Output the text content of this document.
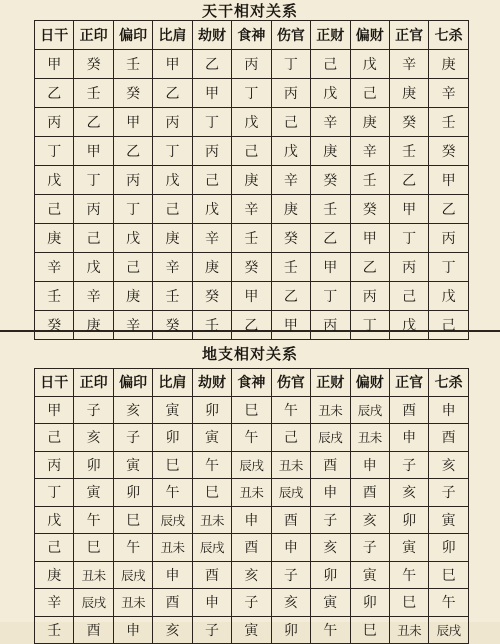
天干相对关系
日干	正印	偏印	比肩	劫财	食神	伤官	正财	偏财	正官	七杀
甲	癸	壬	甲	乙	丙	丁	己	戊	辛	庚
乙	壬	癸	乙	甲	丁	丙	戊	己	庚	辛
丙	乙	甲	丙	丁	戊	己	辛	庚	癸	壬
丁	甲	乙	丁	丙	己	戊	庚	辛	壬	癸
戊	丁	丙	戊	己	庚	辛	癸	壬	乙	甲
己	丙	丁	己	戊	辛	庚	壬	癸	甲	乙
庚	己	戊	庚	辛	壬	癸	乙	甲	丁	丙
辛	戊	己	辛	庚	癸	壬	甲	乙	丙	丁
壬	辛	庚	壬	癸	甲	乙	丁	丙	己	戊
癸	庚	辛	癸	壬	乙	甲	丙	丁	戊	己
地支相对关系
日干	正印	偏印	比肩	劫财	食神	伤官	正财	偏财	正官	七杀
甲	子	亥	寅	卯	巳	午	丑未	辰戌	酉	申
己	亥	子	卯	寅	午	己	辰戌	丑未	申	酉
丙	卯	寅	巳	午	辰戌	丑未	酉	申	子	亥
丁	寅	卯	午	巳	丑未	辰戌	申	酉	亥	子
戊	午	巳	辰戌	丑未	申	酉	子	亥	卯	寅
己	巳	午	丑未	辰戌	酉	申	亥	子	寅	卯
庚	丑未	辰戌	申	酉	亥	子	卯	寅	午	巳
辛	辰戌	丑未	酉	申	子	亥	寅	卯	巳	午
壬	酉	申	亥	子	寅	卯	午	巳	丑未	辰戌
